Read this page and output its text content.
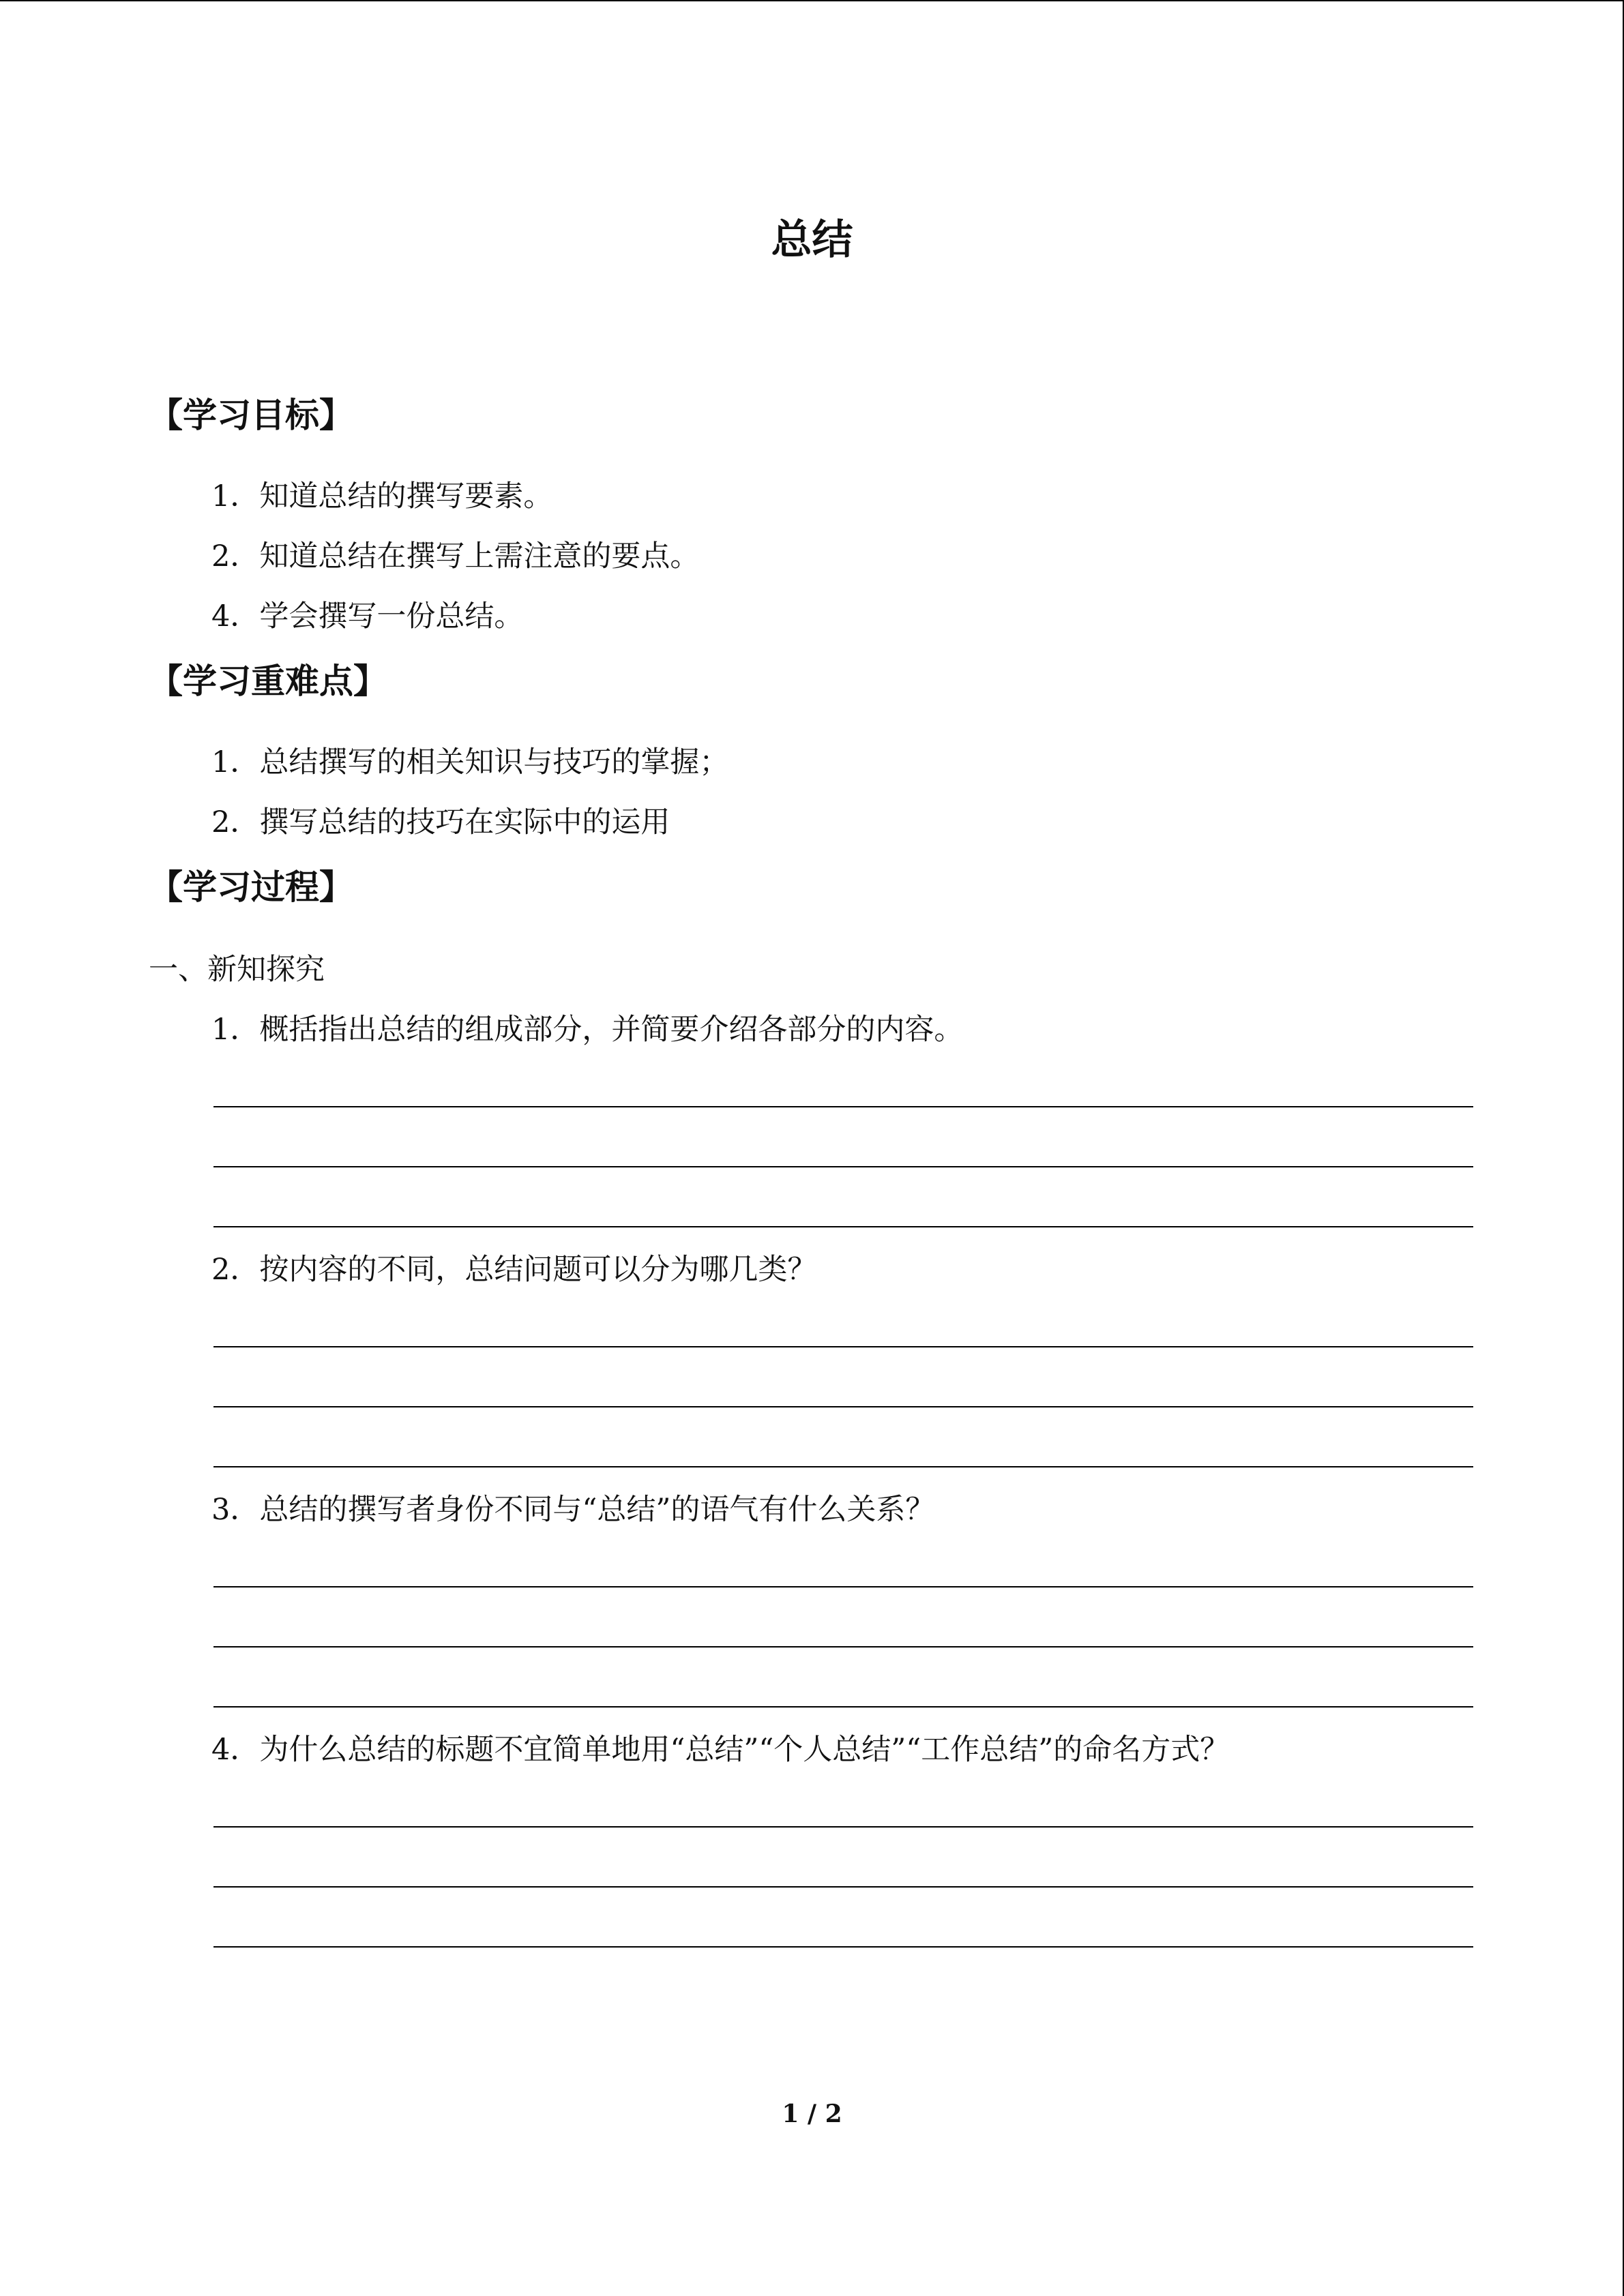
总结
【学习目标】
1．知道总结的撰写要素。
2．知道总结在撰写上需注意的要点。
4．学会撰写一份总结。
【学习重难点】
1．总结撰写的相关知识与技巧的掌握；
2．撰写总结的技巧在实际中的运用
【学习过程】
一、新知探究
1．概括指出总结的组成部分，并简要介绍各部分的内容。
2．按内容的不同，总结问题可以分为哪几类？
3．总结的撰写者身份不同与“总结”的语气有什么关系？
4．为什么总结的标题不宜简单地用“总结”“个人总结”“工作总结”的命名方式？
1 / 2
